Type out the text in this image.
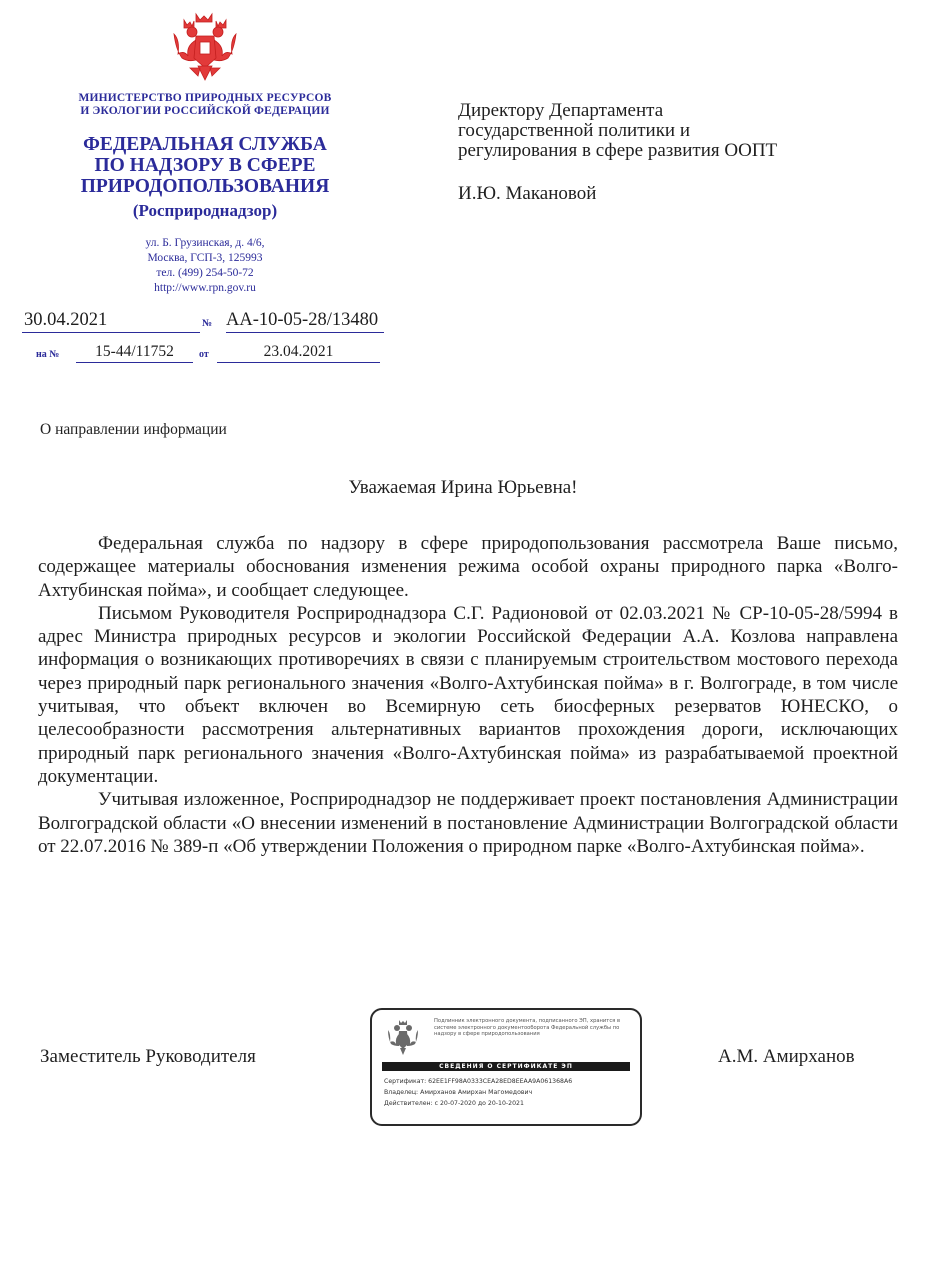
МИНИСТЕРСТВО ПРИРОДНЫХ РЕСУРСОВ
И ЭКОЛОГИИ РОССИЙСКОЙ ФЕДЕРАЦИИ
ФЕДЕРАЛЬНАЯ СЛУЖБА
ПО НАДЗОРУ В СФЕРЕ
ПРИРОДОПОЛЬЗОВАНИЯ
(Росприроднадзор)
ул. Б. Грузинская, д. 4/6,
Москва, ГСП-3, 125993
тел. (499) 254-50-72
http://www.rpn.gov.ru
30.04.2021	№ АА-10-05-28/13480
на №	15-44/11752	от	23.04.2021
Директору Департамента
государственной политики и
регулирования в сфере развития ООПТ
И.Ю. Макановой
О направлении информации
Уважаемая Ирина Юрьевна!

Федеральная служба по надзору в сфере природопользования рассмотрела Ваше письмо, содержащее материалы обоснования изменения режима особой охраны природного парка «Волго-Ахтубинская пойма», и сообщает следующее.

Письмом Руководителя Росприроднадзора С.Г. Радионовой от 02.03.2021 № СР-10-05-28/5994 в адрес Министра природных ресурсов и экологии Российской Федерации А.А. Козлова направлена информация о возникающих противоречиях в связи с планируемым строительством мостового перехода через природный парк регионального значения «Волго-Ахтубинская пойма» в г. Волгограде, в том числе учитывая, что объект включен во Всемирную сеть биосферных резерватов ЮНЕСКО, о целесообразности рассмотрения альтернативных вариантов прохождения дороги, исключающих природный парк регионального значения «Волго-Ахтубинская пойма» из разрабатываемой проектной документации.

Учитывая изложенное, Росприроднадзор не поддерживает проект постановления Администрации Волгоградской области «О внесении изменений в постановление Администрации Волгоградской области от 22.07.2016 № 389-п «Об утверждении Положения о природном парке «Волго-Ахтубинская пойма».

Заместитель Руководителя
Подлинник электронного документа, подписанного ЭП, хранится в системе электронного документооборота Федеральной службы по надзору в сфере природопользования
СВЕДЕНИЯ О СЕРТИФИКАТЕ ЭП
Сертификат: 62EE1FF98A0333CEA28ED8EEAA9A061368A6
Владелец: Амирханов Амирхан Магомедович
Действителен: с 20-07-2020 до 20-10-2021
А.М. Амирханов
